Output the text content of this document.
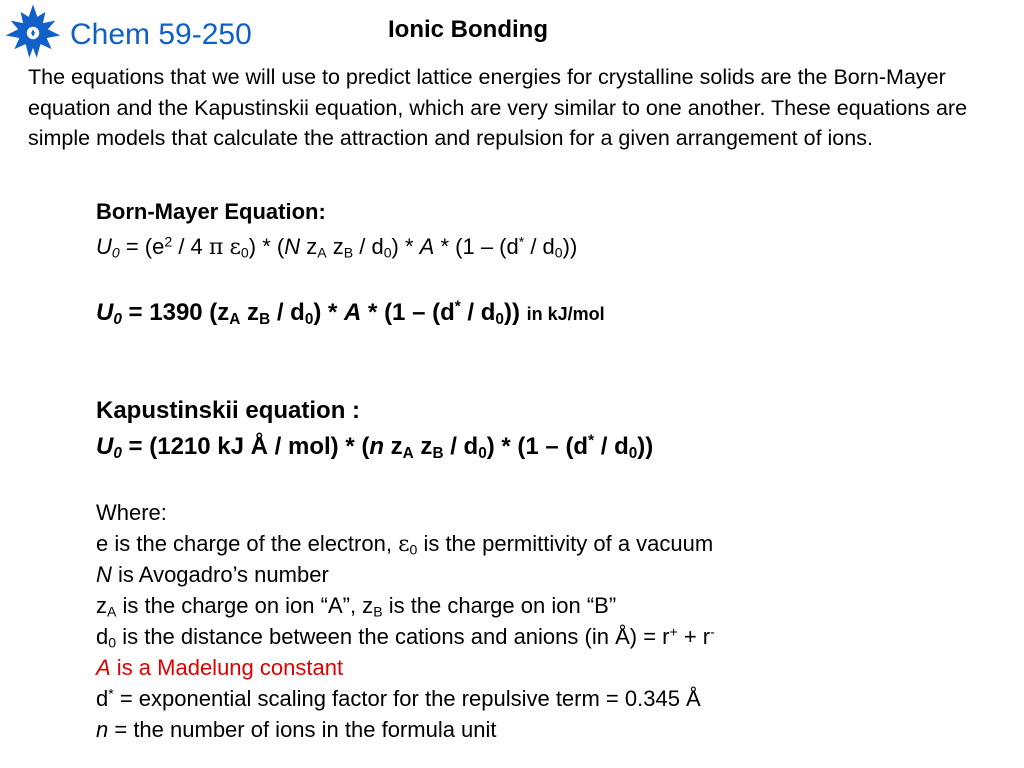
Chem 59-250	Ionic Bonding

The equations that we will use to predict lattice energies for crystalline solids are the Born-Mayer equation and the Kapustinskii equation, which are very similar to one another. These equations are simple models that calculate the attraction and repulsion for a given arrangement of ions.

Born-Mayer Equation:
$U_0 = (e^2 / 4$ π $\varepsilon_0) * (N$ $z_A$ $z_B / d_0$) * A * $(1 - (d^* / d_0))$
$U_0 = 1390$ ($z_A$ $z_B / d_0$) * A * $(1 - (d^* / d_0))$ in kJ/mol
Kapustinskii equation :
$U_0 = (1210$ kJ Å / mol) * (n $z_A$ $z_B / d_0) * (1 - (d^* / d_0))$
Where:
e is the charge of the electron, $\varepsilon_0$ is the permittivity of a vacuum
N is Avogadro’s number
$z_A$ is the charge on ion “A”, $z_B$ is the charge on ion “B”
$d_0$ is the distance between the cations and anions (in Å) = r+ + r-
A is a Madelung constant
d* = exponential scaling factor for the repulsive term = 0.345 Å
n = the number of ions in the formula unit
